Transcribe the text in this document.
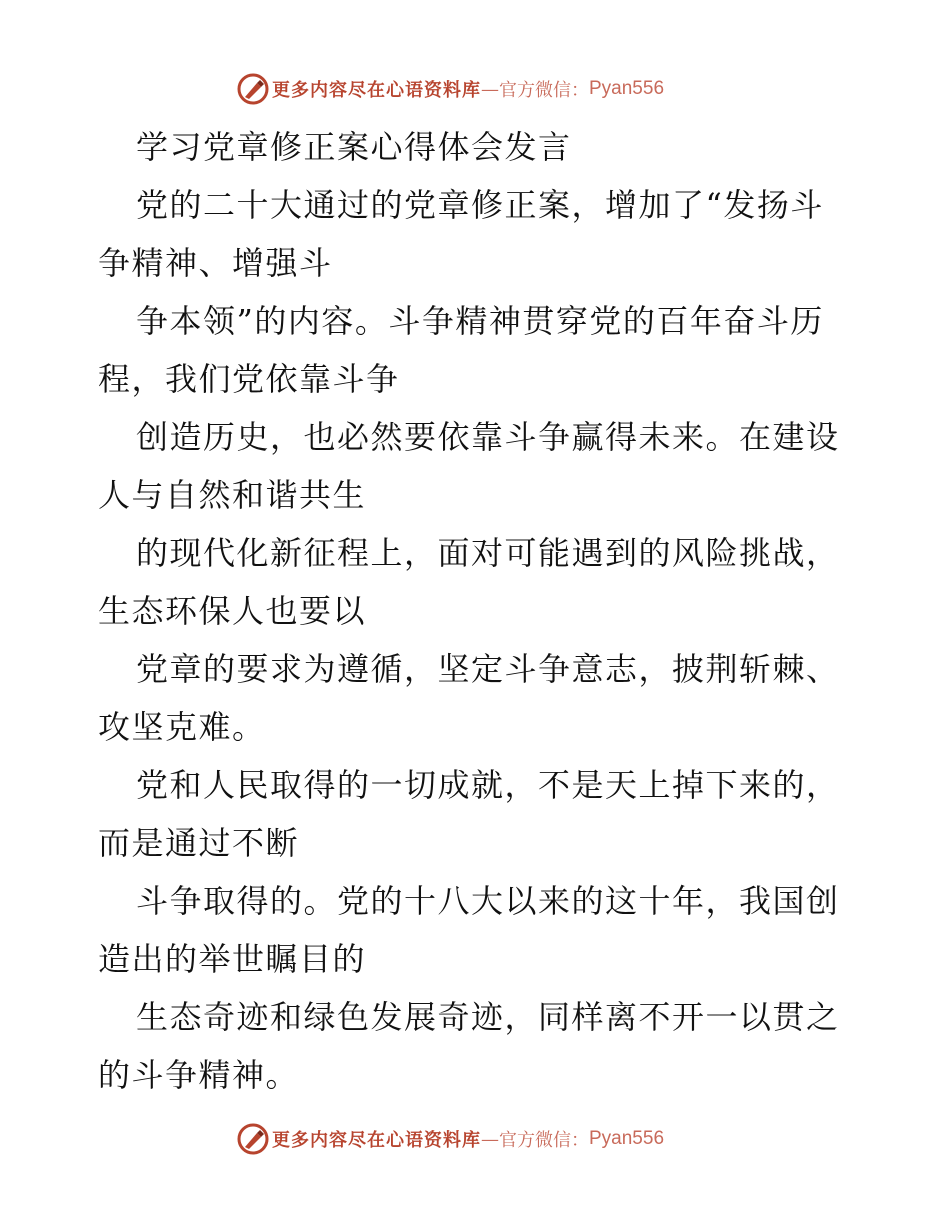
更多内容尽在心语资料库 — 官方微信： Pyan556
学习党章修正案心得体会发言
党的二十大通过的党章修正案，增加了“发扬斗
争精神、增强斗
争本领”的内容。斗争精神贯穿党的百年奋斗历
程，我们党依靠斗争
创造历史，也必然要依靠斗争赢得未来。在建设
人与自然和谐共生
的现代化新征程上，面对可能遇到的风险挑战，
生态环保人也要以
党章的要求为遵循，坚定斗争意志，披荆斩棘、
攻坚克难。
党和人民取得的一切成就，不是天上掉下来的，
而是通过不断
斗争取得的。党的十八大以来的这十年，我国创
造出的举世瞩目的
生态奇迹和绿色发展奇迹，同样离不开一以贯之
的斗争精神。
更多内容尽在心语资料库 — 官方微信： Pyan556
